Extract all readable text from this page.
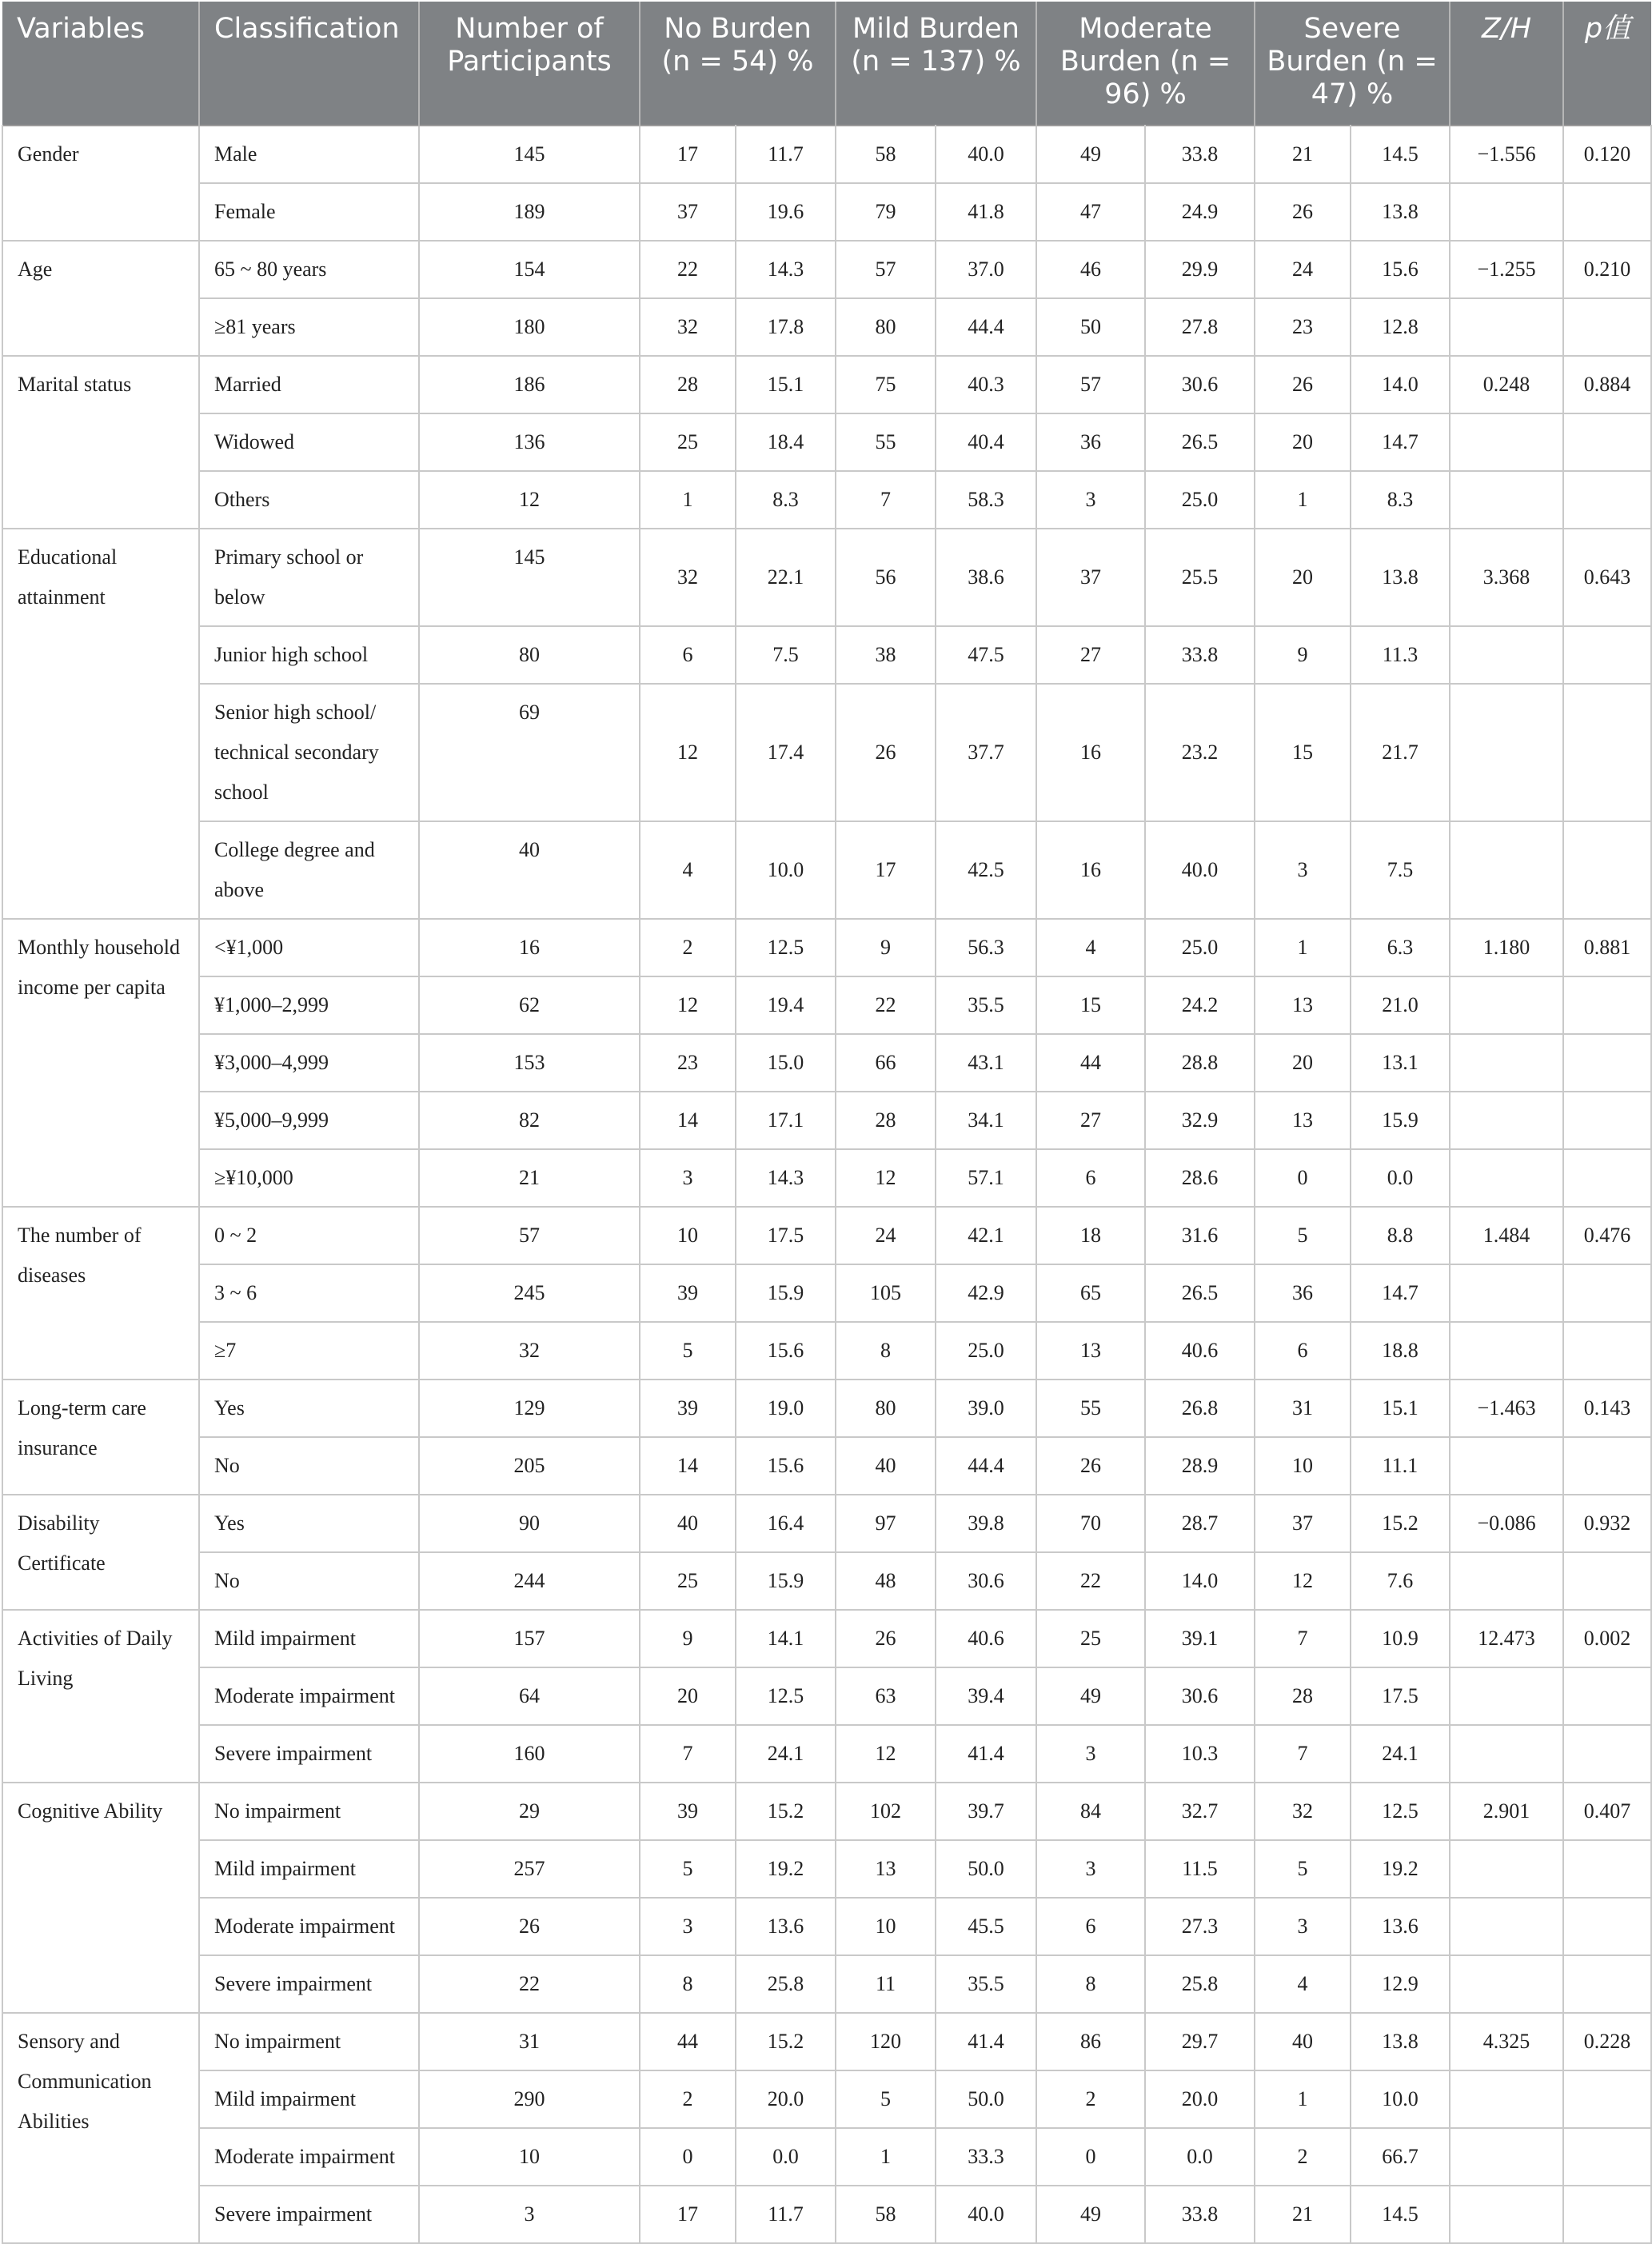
Variables	Classification	Number of Participants	No Burden (n = 54) %		Mild Burden (n = 137) %		Moderate Burden (n = 96) %		Severe Burden (n = 47) %		Z/H	p值
Gender	Male	145	17	11.7	58	40.0	49	33.8	21	14.5	−1.556	0.120
	Female	189	37	19.6	79	41.8	47	24.9	26	13.8		
Age	65 ~ 80 years	154	22	14.3	57	37.0	46	29.9	24	15.6	−1.255	0.210
	≥81 years	180	32	17.8	80	44.4	50	27.8	23	12.8		
Marital status	Married	186	28	15.1	75	40.3	57	30.6	26	14.0	0.248	0.884
	Widowed	136	25	18.4	55	40.4	36	26.5	20	14.7		
	Others	12	1	8.3	7	58.3	3	25.0	1	8.3		
Educational attainment	Primary school or below	145	32	22.1	56	38.6	37	25.5	20	13.8	3.368	0.643
	Junior high school	80	6	7.5	38	47.5	27	33.8	9	11.3		
	Senior high school/ technical secondary school	69	12	17.4	26	37.7	16	23.2	15	21.7		
	College degree and above	40	4	10.0	17	42.5	16	40.0	3	7.5		
Monthly household income per capita	<¥1,000	16	2	12.5	9	56.3	4	25.0	1	6.3	1.180	0.881
	¥1,000–2,999	62	12	19.4	22	35.5	15	24.2	13	21.0		
	¥3,000–4,999	153	23	15.0	66	43.1	44	28.8	20	13.1		
	¥5,000–9,999	82	14	17.1	28	34.1	27	32.9	13	15.9		
	≥¥10,000	21	3	14.3	12	57.1	6	28.6	0	0.0		
The number of diseases	0 ~ 2	57	10	17.5	24	42.1	18	31.6	5	8.8	1.484	0.476
	3 ~ 6	245	39	15.9	105	42.9	65	26.5	36	14.7		
	≥7	32	5	15.6	8	25.0	13	40.6	6	18.8		
Long-term care insurance	Yes	129	39	19.0	80	39.0	55	26.8	31	15.1	−1.463	0.143
	No	205	14	15.6	40	44.4	26	28.9	10	11.1		
Disability Certificate	Yes	90	40	16.4	97	39.8	70	28.7	37	15.2	−0.086	0.932
	No	244	25	15.9	48	30.6	22	14.0	12	7.6		
Activities of Daily Living	Mild impairment	157	9	14.1	26	40.6	25	39.1	7	10.9	12.473	0.002
	Moderate impairment	64	20	12.5	63	39.4	49	30.6	28	17.5		
	Severe impairment	160	7	24.1	12	41.4	3	10.3	7	24.1		
Cognitive Ability	No impairment	29	39	15.2	102	39.7	84	32.7	32	12.5	2.901	0.407
	Mild impairment	257	5	19.2	13	50.0	3	11.5	5	19.2		
	Moderate impairment	26	3	13.6	10	45.5	6	27.3	3	13.6		
	Severe impairment	22	8	25.8	11	35.5	8	25.8	4	12.9		
Sensory and Communication Abilities	No impairment	31	44	15.2	120	41.4	86	29.7	40	13.8	4.325	0.228
	Mild impairment	290	2	20.0	5	50.0	2	20.0	1	10.0		
	Moderate impairment	10	0	0.0	1	33.3	0	0.0	2	66.7		
	Severe impairment	3	17	11.7	58	40.0	49	33.8	21	14.5		
